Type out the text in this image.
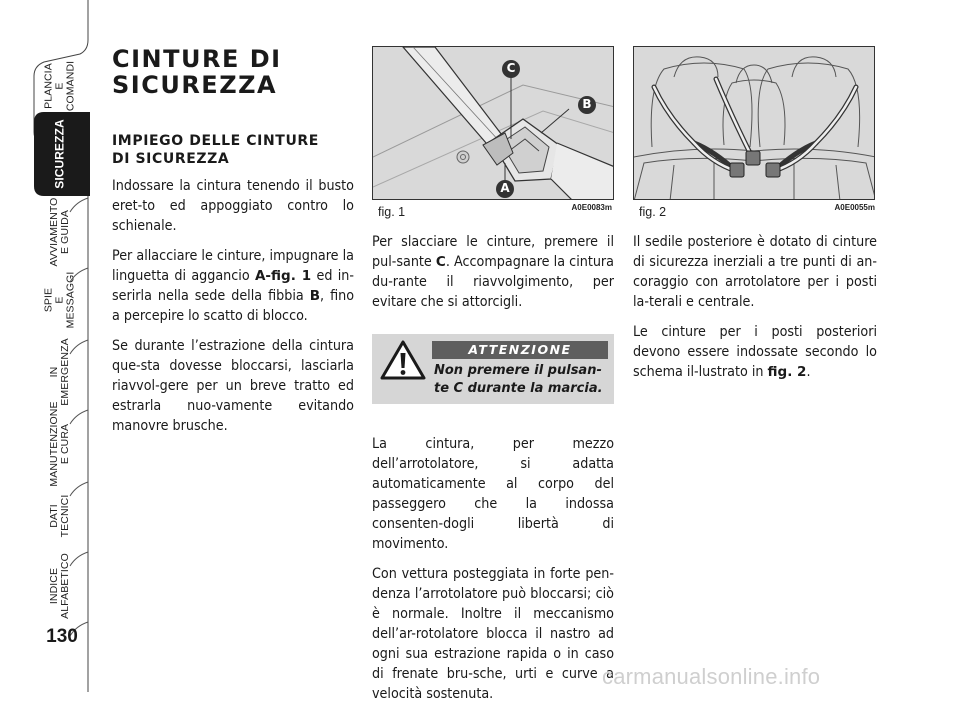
PLANCIA
E COMANDI
SICUREZZA
AVVIAMENTO
E GUIDA
SPIE
E MESSAGGI
IN EMERGENZA
MANUTENZIONE
E CURA
DATI TECNICI
INDICE
ALFABETICO
130
CINTURE DI
SICUREZZA
IMPIEGO DELLE CINTURE
DI SICUREZZA

Indossare la cintura tenendo il busto eret-to ed appoggiato contro lo schienale.

Per allacciare le cinture, impugnare la linguetta di aggancio A-fig. 1 ed in-serirla nella sede della fibbia B, fino a percepire lo scatto di blocco.

Se durante l’estrazione della cintura que-sta dovesse bloccarsi, lasciarla riavvol-gere per un breve tratto ed estrarla nuo-vamente evitando manovre brusche.

C
B
A
fig. 1	A0E0083m

Per slacciare le cinture, premere il pul-sante C. Accompagnare la cintura du-rante il riavvolgimento, per evitare che si attorcigli.

ATTENZIONE
Non premere il pulsan-
te C durante la marcia.

La cintura, per mezzo dell’arrotolatore, si adatta automaticamente al corpo del passeggero che la indossa consenten-dogli libertà di movimento.

Con vettura posteggiata in forte pen-denza l’arrotolatore può bloccarsi; ciò è normale. Inoltre il meccanismo dell’ar-rotolatore blocca il nastro ad ogni sua estrazione rapida o in caso di frenate bru-sche, urti e curve a velocità sostenuta.

fig. 2	A0E0055m

Il sedile posteriore è dotato di cinture di sicurezza inerziali a tre punti di an-coraggio con arrotolatore per i posti la-terali e centrale.

Le cinture per i posti posteriori devono essere indossate secondo lo schema il-lustrato in fig. 2.

carmanualsonline.info
